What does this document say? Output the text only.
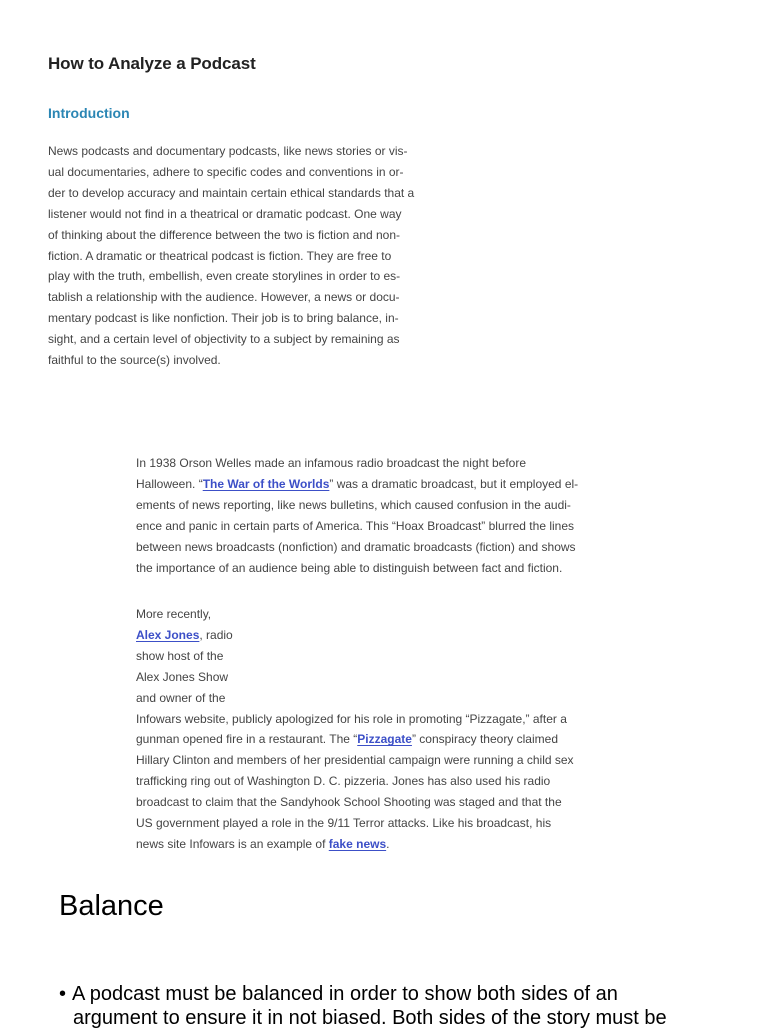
How to Analyze a Podcast
Introduction
News podcasts and documentary podcasts, like news stories or vis-
ual documentaries, adhere to specific codes and conventions in or-
der to develop accuracy and maintain certain ethical standards that a
listener would not find in a theatrical or dramatic podcast. One way
of thinking about the difference between the two is fiction and non-
fiction. A dramatic or theatrical podcast is fiction. They are free to
play with the truth, embellish, even create storylines in order to es-
tablish a relationship with the audience. However, a news or docu-
mentary podcast is like nonfiction. Their job is to bring balance, in-
sight, and a certain level of objectivity to a subject by remaining as
faithful to the source(s) involved.
In 1938 Orson Welles made an infamous radio broadcast the night before
Halloween. “The War of the Worlds” was a dramatic broadcast, but it employed el-
ements of news reporting, like news bulletins, which caused confusion in the audi-
ence and panic in certain parts of America. This “Hoax Broadcast” blurred the lines
between news broadcasts (nonfiction) and dramatic broadcasts (fiction) and shows
the importance of an audience being able to distinguish between fact and fiction.
More recently,
Alex Jones, radio
show host of the
Alex Jones Show
and owner of the
Infowars website, publicly apologized for his role in promoting “Pizzagate,” after a
gunman opened fire in a restaurant. The “Pizzagate” conspiracy theory claimed
Hillary Clinton and members of her presidential campaign were running a child sex
trafficking ring out of Washington D. C. pizzeria. Jones has also used his radio
broadcast to claim that the Sandyhook School Shooting was staged and that the
US government played a role in the 9/11 Terror attacks. Like his broadcast, his
news site Infowars is an example of fake news.
Balance
• A podcast must be balanced in order to show both sides of an
argument to ensure it in not biased. Both sides of the story must be
